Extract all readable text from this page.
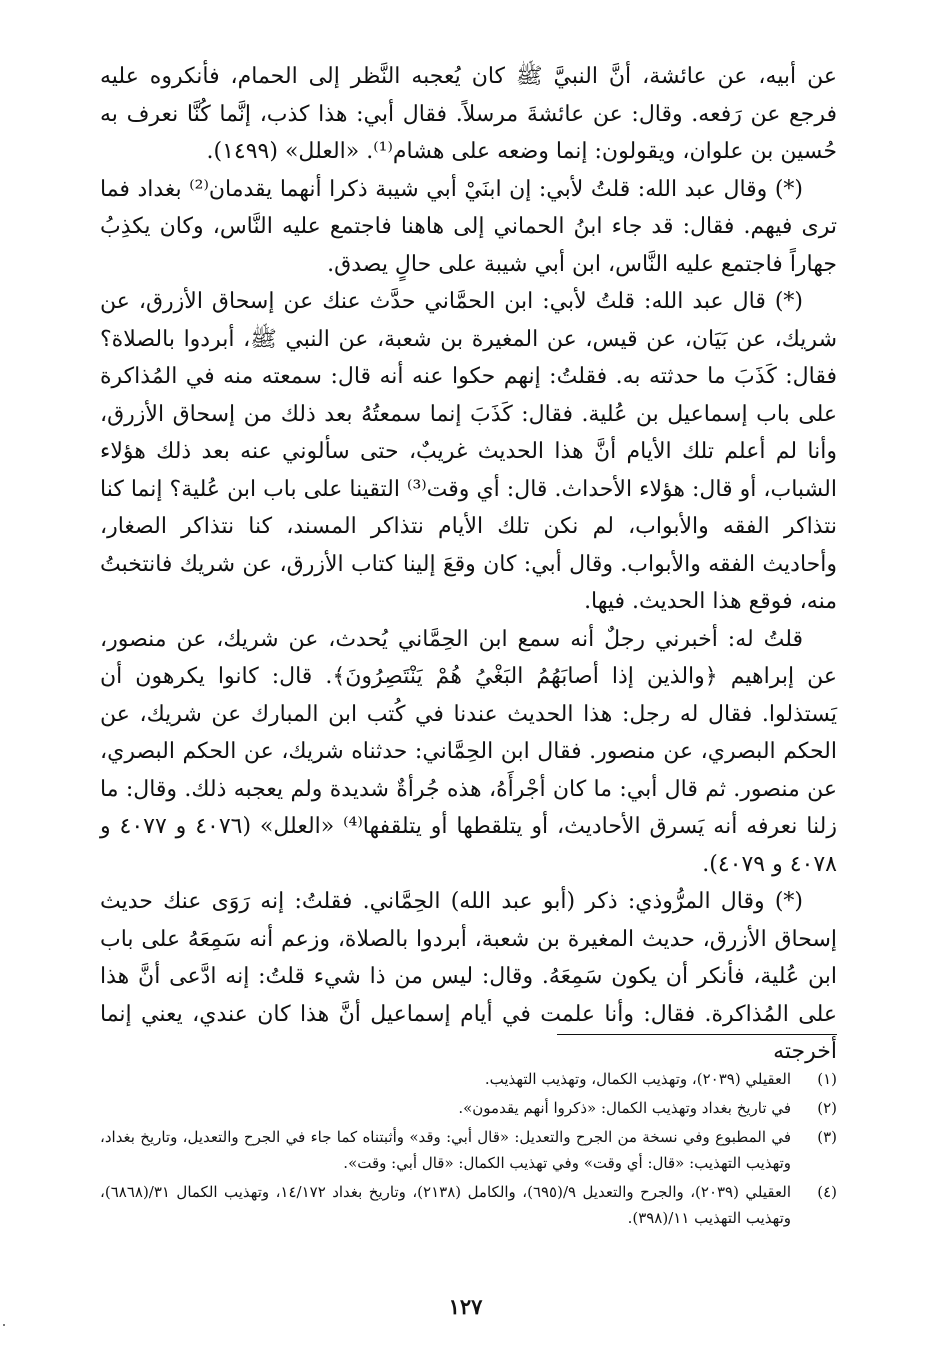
عن أبيه، عن عائشة، أنَّ النبيَّ ﷺ كان يُعجبه النَّظر إلى الحمام، فأنكروه عليه فرجع عن رَفعه. وقال: عن عائشةَ مرسلاً. فقال أبي: هذا كذب، إنَّما كُنَّا نعرف به حُسين بن علوان، ويقولون: إنما وضعه على هشام⁽¹⁾. «العلل» (١٤٩٩).

(*) وقال عبد الله: قلتُ لأبي: إن ابنَيْ أبي شيبة ذكرا أنهما يقدمان⁽²⁾ بغداد فما ترى فيهم. فقال: قد جاء ابنُ الحماني إلى هاهنا فاجتمع عليه النَّاس، وكان يكذِبُ جهاراً فاجتمع عليه النَّاس، ابن أبي شيبة على حالٍ يصدق.

(*) قال عبد الله: قلتُ لأبي: ابن الحمَّاني حدَّث عنك عن إسحاق الأزرق، عن شريك، عن بَيَان، عن قيس، عن المغيرة بن شعبة، عن النبي ﷺ، أبردوا بالصلاة؟ فقال: كَذَبَ ما حدثته به. فقلتُ: إنهم حكوا عنه أنه قال: سمعته منه في المُذاكرة على باب إسماعيل بن عُلية. فقال: كَذَبَ إنما سمعتُهُ بعد ذلك من إسحاق الأزرق، وأنا لم أعلم تلك الأيام أنَّ هذا الحديث غريبٌ، حتى سألوني عنه بعد ذلك هؤلاء الشباب، أو قال: هؤلاء الأحداث. قال: أي وقت⁽³⁾ التقينا على باب ابن عُلية؟ إنما كنا نتذاكر الفقه والأبواب، لم نكن تلك الأيام نتذاكر المسند، كنا نتذاكر الصغار، وأحاديث الفقه والأبواب. وقال أبي: كان وقعَ إلينا كتاب الأزرق، عن شريك فانتخبتُ منه، فوقع هذا الحديث. فيها.

قلتُ له: أخبرني رجلٌ أنه سمع ابن الحِمَّاني يُحدث، عن شريك، عن منصور، عن إبراهيم ﴿والذين إذا أصابَهُمُ البَغْيُ هُمْ يَنْتَصِرُونَ﴾. قال: كانوا يكرهون أن يَستذلوا. فقال له رجل: هذا الحديث عندنا في كُتب ابن المبارك عن شريك، عن الحكم البصري، عن منصور. فقال ابن الحِمَّاني: حدثناه شريك، عن الحكم البصري، عن منصور. ثم قال أبي: ما كان أجْرأَهُ، هذه جُرأةٌ شديدة ولم يعجبه ذلك. وقال: ما زلنا نعرفه أنه يَسرق الأحاديث، أو يتلقطها أو يتلقفها⁽⁴⁾ «العلل» (٤٠٧٦ و ٤٠٧٧ و ٤٠٧٨ و ٤٠٧٩).

(*) وقال المرُّوذي: ذكر (أبو عبد الله) الحِمَّاني. فقلتُ: إنه رَوَى عنك حديث إسحاق الأزرق، حديث المغيرة بن شعبة، أبردوا بالصلاة، وزعم أنه سَمِعَهُ على باب ابن عُلية، فأنكر أن يكون سَمِعَهُ. وقال: ليس من ذا شيء قلتُ: إنه ادَّعى أنَّ هذا على المُذاكرة. فقال: وأنا علمت في أيام إسماعيل أنَّ هذا كان عندي، يعني إنما أخرجته

(١)
العقيلي (٢٠٣٩)، وتهذيب الكمال، وتهذيب التهذيب.
(٢)
في تاريخ بغداد وتهذيب الكمال: «ذكروا أنهم يقدمون».
(٣)
في المطبوع وفي نسخة من الجرح والتعديل: «قال أبي: وقد» وأثبتناه كما جاء في الجرح والتعديل، وتاريخ بغداد، وتهذيب التهذيب: «قال: أي وقت» وفي تهذيب الكمال: «قال أبي: وقت».
(٤)
العقيلي (٢٠٣٩)، والجرح والتعديل ٩/(٦٩٥)، والكامل (٢١٣٨)، وتاريخ بغداد ١٤/١٧٢، وتهذيب الكمال ٣١/(٦٨٦٨)، وتهذيب التهذيب ١١/(٣٩٨).
١٢٧
